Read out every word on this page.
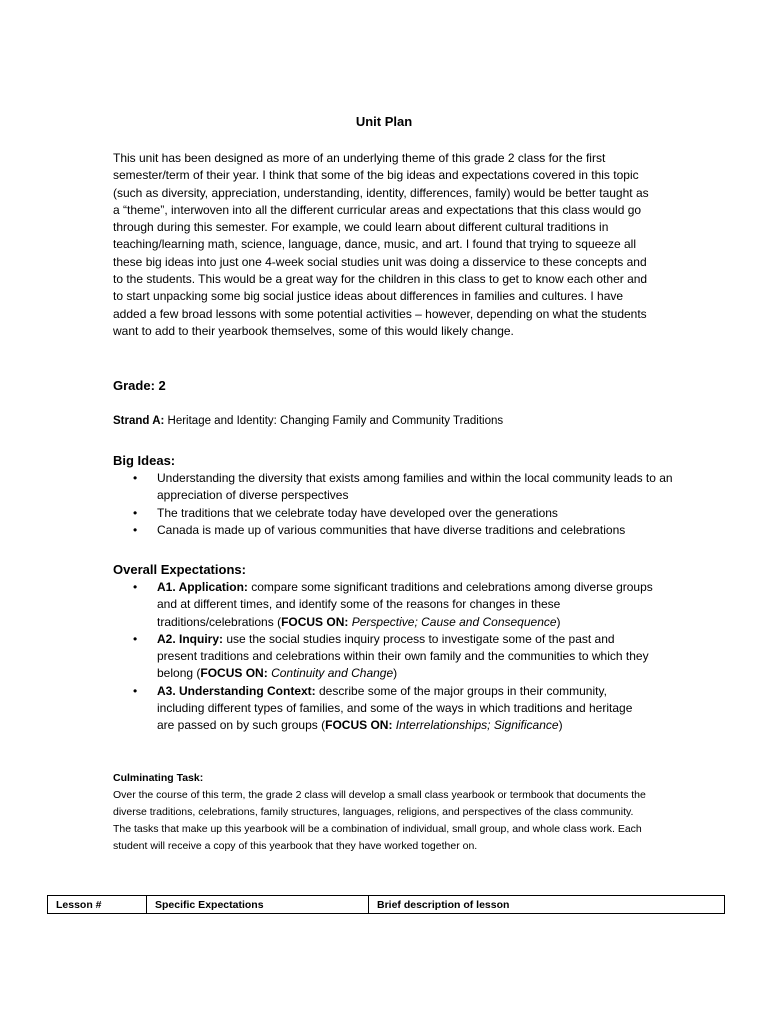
Unit Plan

This unit has been designed as more of an underlying theme of this grade 2 class for the first semester/term of their year. I think that some of the big ideas and expectations covered in this topic (such as diversity, appreciation, understanding, identity, differences, family) would be better taught as a “theme”, interwoven into all the different curricular areas and expectations that this class would go through during this semester. For example, we could learn about different cultural traditions in teaching/learning math, science, language, dance, music, and art. I found that trying to squeeze all these big ideas into just one 4-week social studies unit was doing a disservice to these concepts and to the students. This would be a great way for the children in this class to get to know each other and to start unpacking some big social justice ideas about differences in families and cultures. I have added a few broad lessons with some potential activities – however, depending on what the students want to add to their yearbook themselves, some of this would likely change.

Grade: 2

Strand A: Heritage and Identity: Changing Family and Community Traditions

Big Ideas:

• Understanding the diversity that exists among families and within the local community leads to an appreciation of diverse perspectives
• The traditions that we celebrate today have developed over the generations
• Canada is made up of various communities that have diverse traditions and celebrations

Overall Expectations:

• A1. Application: compare some significant traditions and celebrations among diverse groups and at different times, and identify some of the reasons for changes in these traditions/celebrations (FOCUS ON: Perspective; Cause and Consequence)
• A2. Inquiry: use the social studies inquiry process to investigate some of the past and present traditions and celebrations within their own family and the communities to which they belong (FOCUS ON: Continuity and Change)
• A3. Understanding Context: describe some of the major groups in their community, including different types of families, and some of the ways in which traditions and heritage are passed on by such groups (FOCUS ON: Interrelationships; Significance)

Culminating Task:

Over the course of this term, the grade 2 class will develop a small class yearbook or termbook that documents the diverse traditions, celebrations, family structures, languages, religions, and perspectives of the class community. The tasks that make up this yearbook will be a combination of individual, small group, and whole class work. Each student will receive a copy of this yearbook that they have worked together on.

Lesson #	Specific Expectations	Brief description of lesson
